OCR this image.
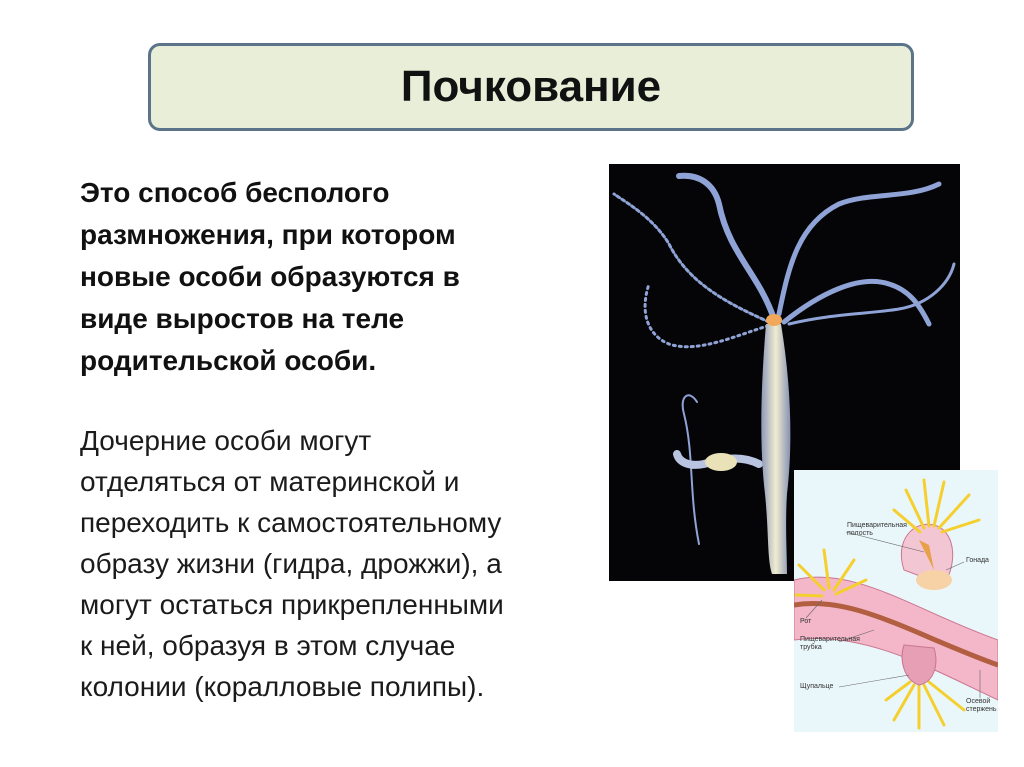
Почкование

Это способ бесполого
размножения, при котором
новые особи образуются в
виде выростов на теле
родительской особи.

Дочерние особи могут
отделяться от материнской и
переходить к самостоятельному
образу жизни (гидра, дрожжи), а
могут остаться прикрепленными
к ней, образуя в этом случае
колонии (коралловые полипы).

Пищеварительная
полость
Гонада
Рот
Пищеварительная
трубка
Щупальце
Осевой
стержень
